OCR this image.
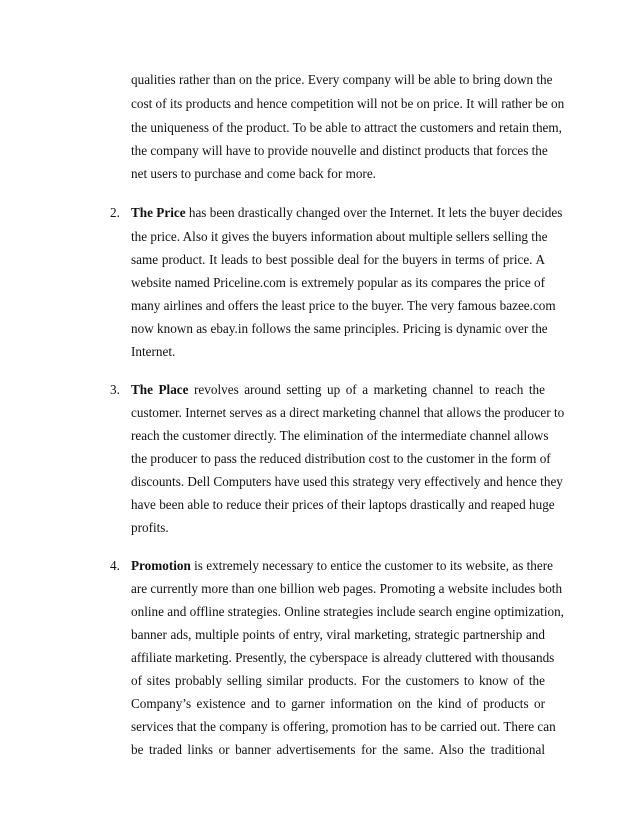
qualities rather than on the price. Every company will be able to bring down the
cost of its products and hence competition will not be on price. It will rather be on
the uniqueness of the product. To be able to attract the customers and retain them,
the company will have to provide nouvelle and distinct products that forces the
net users to purchase and come back for more.
2. The Price has been drastically changed over the Internet. It lets the buyer decides
the price. Also it gives the buyers information about multiple sellers selling the
same product. It leads to best possible deal for the buyers in terms of price. A
website named Priceline.com is extremely popular as its compares the price of
many airlines and offers the least price to the buyer. The very famous bazee.com
now known as ebay.in follows the same principles. Pricing is dynamic over the
Internet.
3. The Place revolves around setting up of a marketing channel to reach the
customer. Internet serves as a direct marketing channel that allows the producer to
reach the customer directly. The elimination of the intermediate channel allows
the producer to pass the reduced distribution cost to the customer in the form of
discounts. Dell Computers have used this strategy very effectively and hence they
have been able to reduce their prices of their laptops drastically and reaped huge
profits.
4. Promotion is extremely necessary to entice the customer to its website, as there
are currently more than one billion web pages. Promoting a website includes both
online and offline strategies. Online strategies include search engine optimization,
banner ads, multiple points of entry, viral marketing, strategic partnership and
affiliate marketing. Presently, the cyberspace is already cluttered with thousands
of sites probably selling similar products. For the customers to know of the
Company’s existence and to garner information on the kind of products or
services that the company is offering, promotion has to be carried out. There can
be traded links or banner advertisements for the same. Also the traditional
